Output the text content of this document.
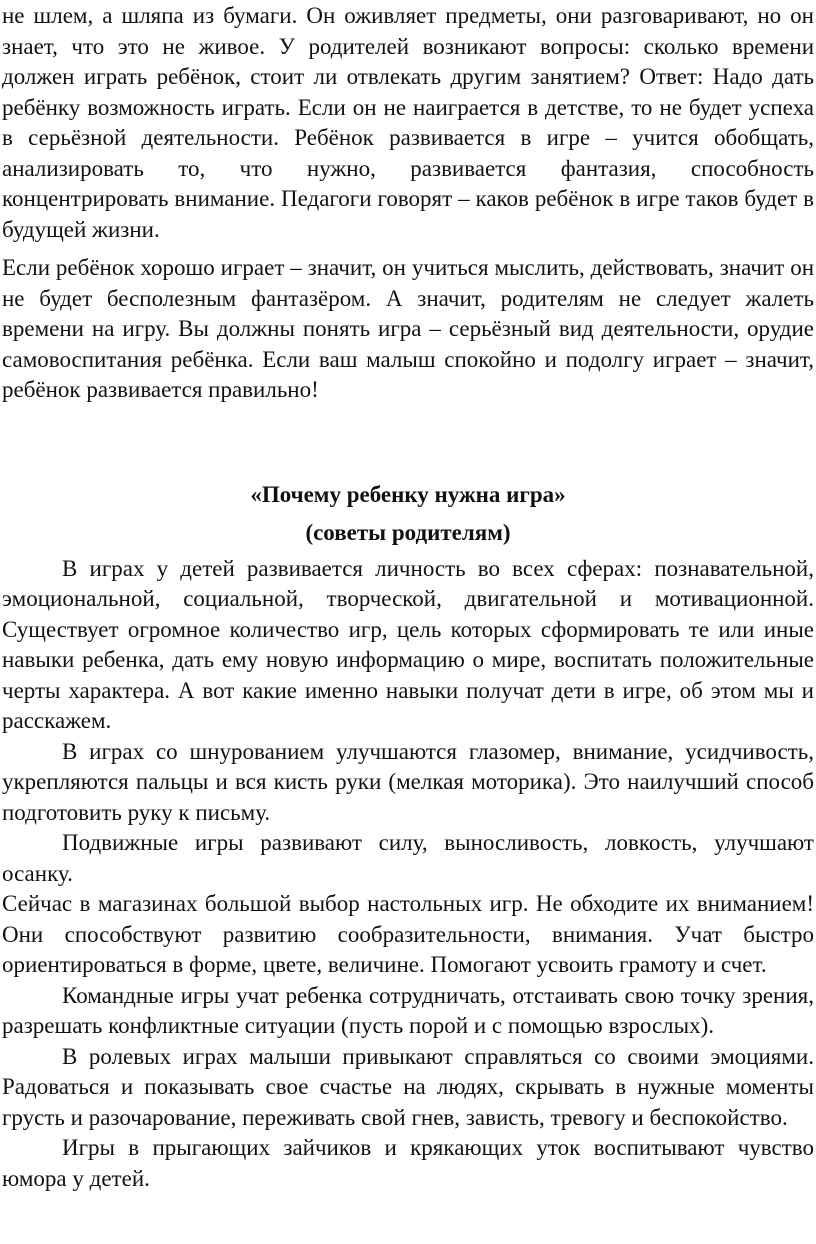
не шлем, а шляпа из бумаги. Он оживляет предметы, они разговаривают, но он знает, что это не живое. У родителей возникают вопросы: сколько времени должен играть ребёнок, стоит ли отвлекать другим занятием? Ответ: Надо дать ребёнку возможность играть. Если он не наиграется в детстве, то не будет успеха в серьёзной деятельности. Ребёнок развивается в игре – учится обобщать, анализировать то, что нужно, развивается фантазия, способность концентрировать внимание. Педагоги говорят – каков ребёнок в игре таков будет в будущей жизни.

Если ребёнок хорошо играет – значит, он учиться мыслить, действовать, значит он не будет бесполезным фантазёром. А значит, родителям не следует жалеть времени на игру. Вы должны понять игра – серьёзный вид деятельности, орудие самовоспитания ребёнка. Если ваш малыш спокойно и подолгу играет – значит, ребёнок развивается правильно!

«Почему ребенку нужна игра»

(советы родителям)

В играх у детей развивается личность во всех сферах: познавательной, эмоциональной, социальной, творческой, двигательной и мотивационной. Существует огромное количество игр, цель которых сформировать те или иные навыки ребенка, дать ему новую информацию о мире, воспитать положительные черты характера. А вот какие именно навыки получат дети в игре, об этом мы и расскажем.

В играх со шнурованием улучшаются глазомер, внимание, усидчивость, укрепляются пальцы и вся кисть руки (мелкая моторика). Это наилучший способ подготовить руку к письму.

Подвижные игры развивают силу, выносливость, ловкость, улучшают осанку.

Сейчас в магазинах большой выбор настольных игр. Не обходите их вниманием! Они способствуют развитию сообразительности, внимания. Учат быстро ориентироваться в форме, цвете, величине. Помогают усвоить грамоту и счет.

Командные игры учат ребенка сотрудничать, отстаивать свою точку зрения, разрешать конфликтные ситуации (пусть порой и с помощью взрослых).

В ролевых играх малыши привыкают справляться со своими эмоциями. Радоваться и показывать свое счастье на людях, скрывать в нужные моменты грусть и разочарование, переживать свой гнев, зависть, тревогу и беспокойство.

Игры в прыгающих зайчиков и крякающих уток воспитывают чувство юмора у детей.
